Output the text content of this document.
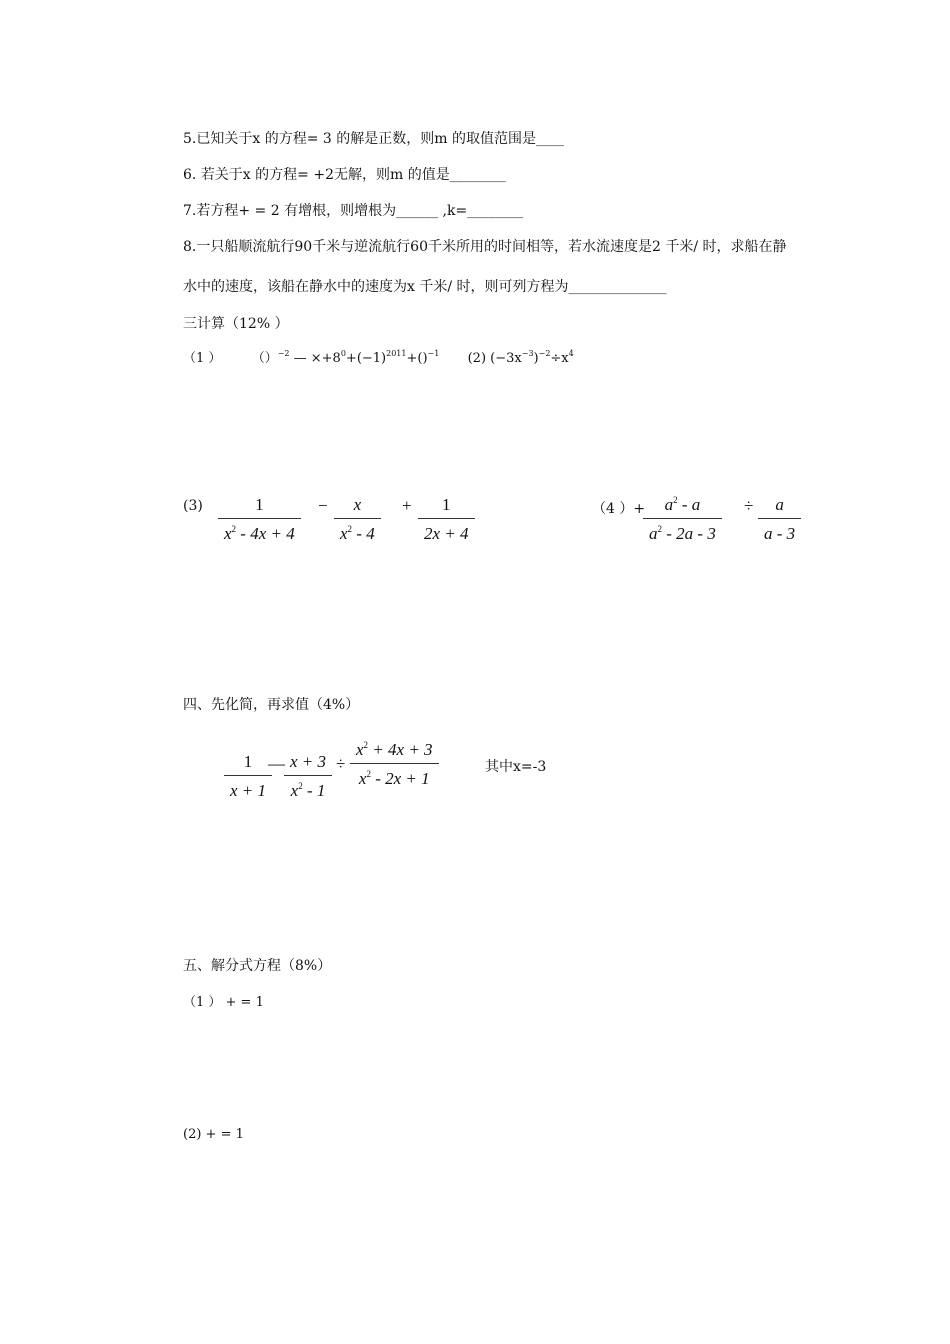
5.已知关于x 的方程= 3 的解是正数，则m 的取值范围是____
6. 若关于x 的方程= +2无解，则m 的值是________
7.若方程+ = 2 有增根，则增根为______ ,k=________
8.一只船顺流航行90千米与逆流航行60千米所用的时间相等，若水流速度是2 千米/ 时，求船在静
水中的速度，该船在静水中的速度为x 千米/ 时，则可列方程为______________
三计算（12% ）
（1 ） （）$^{-2}$ — $\times+8^0+(-1)^{2011}+()^{-1}$ (2) $(-3x^{-3})^{-2}\div x^4$
(3)	1
$x^2 - 4x + 4$
−	x
$x^2 - 4$
+	1
2x + 4
（4 ）+	$a^2$ - a
$a^2 - 2a - 3$
÷	a
a - 3
四、先化简，再求值（4%）
1
x + 1
— x + 3
$x^2 - 1$
÷
$x^2 + 4x + 3$
$x^2 - 2x + 1$
其中x=-3
五、解分式方程（8%）
（1 ） + = 1
(2) + = 1
